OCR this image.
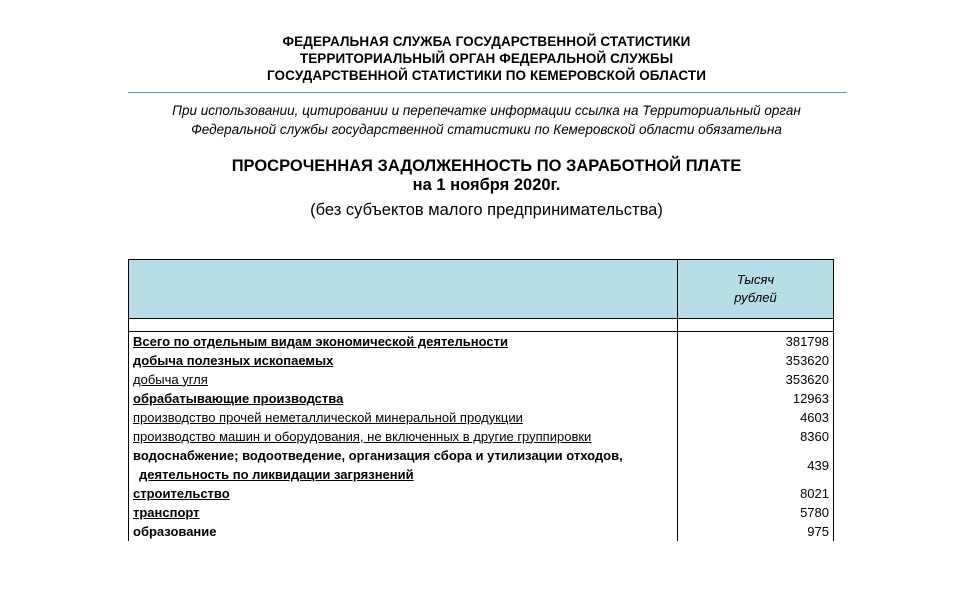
ФЕДЕРАЛЬНАЯ СЛУЖБА ГОСУДАРСТВЕННОЙ СТАТИСТИКИ
ТЕРРИТОРИАЛЬНЫЙ ОРГАН ФЕДЕРАЛЬНОЙ СЛУЖБЫ
ГОСУДАРСТВЕННОЙ СТАТИСТИКИ ПО КЕМЕРОВСКОЙ ОБЛАСТИ
При использовании, цитировании и перепечатке информации ссылка на Территориальный орган
Федеральной службы государственной статистики по Кемеровской области обязательна
ПРОСРОЧЕННАЯ ЗАДОЛЖЕННОСТЬ ПО ЗАРАБОТНОЙ ПЛАТЕ
на 1 ноября 2020г.
(без субъектов малого предпринимательства)

	Тысяч
рублей

Всего по отдельным видам экономической деятельности	381798
добыча полезных ископаемых	353620
добыча угля	353620
обрабатывающие производства	12963
производство прочей неметаллической минеральной продукции	4603
производство машин и оборудования, не включенных в другие группировки	8360

водоснабжение; водоотведение, организация сбора и утилизации отходов,
деятельность по ликвидации загрязнений	439
строительство	8021
транспорт	5780
образование	975
